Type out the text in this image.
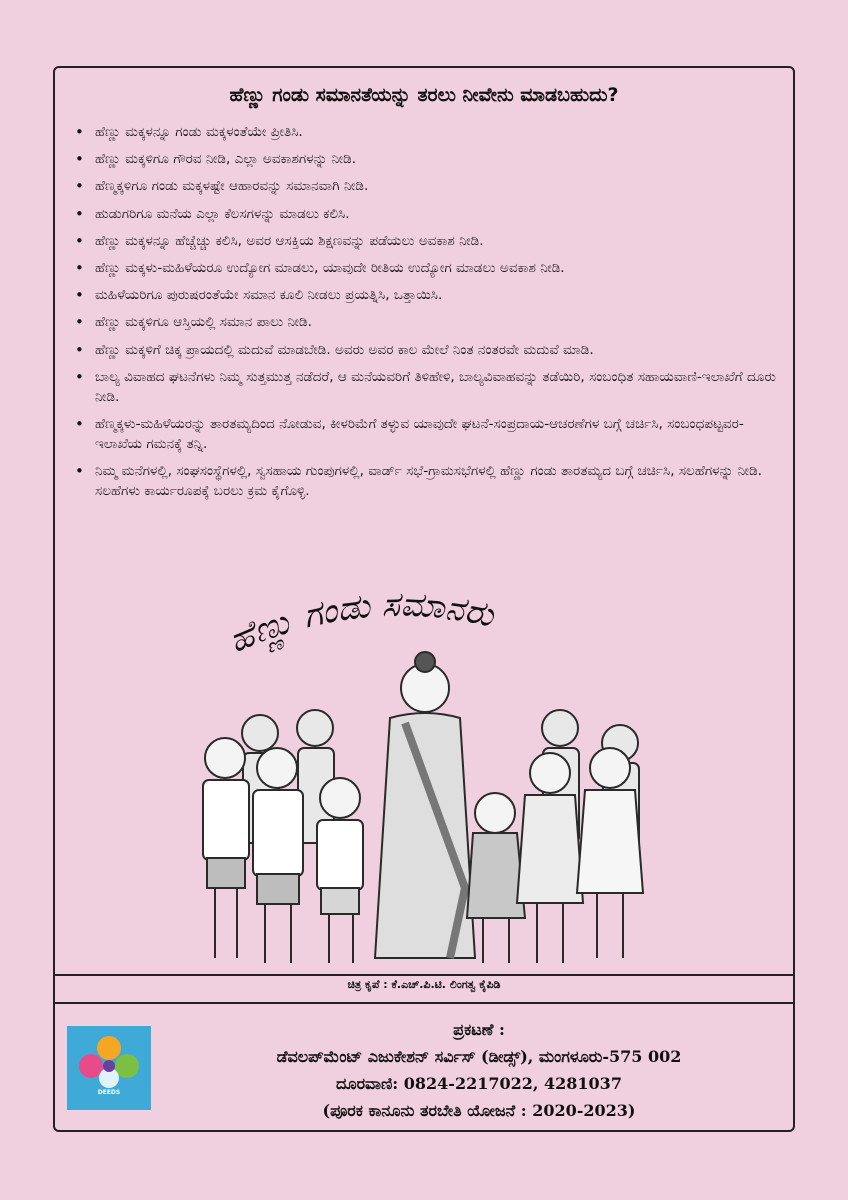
ಹೆಣ್ಣು ಗಂಡು ಸಮಾನತೆಯನ್ನು ತರಲು ನೀವೇನು ಮಾಡಬಹುದು?
• ಹೆಣ್ಣು ಮಕ್ಕಳನ್ನೂ ಗಂಡು ಮಕ್ಕಳಂತೆಯೇ ಪ್ರೀತಿಸಿ.
• ಹೆಣ್ಣು ಮಕ್ಕಳಿಗೂ ಗೌರವ ನೀಡಿ, ಎಲ್ಲಾ ಅವಕಾಶಗಳನ್ನು ನೀಡಿ.
• ಹೆಣ್ಮಕ್ಕಳಿಗೂ ಗಂಡು ಮಕ್ಕಳಷ್ಟೇ ಆಹಾರವನ್ನು ಸಮಾನವಾಗಿ ನೀಡಿ.
• ಹುಡುಗರಿಗೂ ಮನೆಯ ಎಲ್ಲಾ ಕೆಲಸಗಳನ್ನು ಮಾಡಲು ಕಲಿಸಿ.
• ಹೆಣ್ಣು ಮಕ್ಕಳನ್ನೂ ಹೆಚ್ಚೆಚ್ಚು ಕಲಿಸಿ, ಅವರ ಆಸಕ್ತಿಯ ಶಿಕ್ಷಣವನ್ನು ಪಡೆಯಲು ಅವಕಾಶ ನೀಡಿ.
• ಹೆಣ್ಣು ಮಕ್ಕಳು-ಮಹಿಳೆಯರೂ ಉದ್ಯೋಗ ಮಾಡಲು, ಯಾವುದೇ ರೀತಿಯ ಉದ್ಯೋಗ ಮಾಡಲು ಅವಕಾಶ ನೀಡಿ.
• ಮಹಿಳೆಯರಿಗೂ ಪುರುಷರಂತೆಯೇ ಸಮಾನ ಕೂಲಿ ನೀಡಲು ಪ್ರಯತ್ನಿಸಿ, ಒತ್ತಾಯಿಸಿ.
• ಹೆಣ್ಣು ಮಕ್ಕಳಿಗೂ ಆಸ್ತಿಯಲ್ಲಿ ಸಮಾನ ಪಾಲು ನೀಡಿ.
• ಹೆಣ್ಣು ಮಕ್ಕಳಿಗೆ ಚಿಕ್ಕ ಪ್ರಾಯದಲ್ಲಿ ಮದುವೆ ಮಾಡಬೇಡಿ. ಅವರು ಅವರ ಕಾಲ ಮೇಲೆ ನಿಂತ ನಂತರವೇ ಮದುವೆ ಮಾಡಿ.
• ಬಾಲ್ಯ ವಿವಾಹದ ಘಟನೆಗಳು ನಿಮ್ಮ ಸುತ್ತಮುತ್ತ ನಡೆದರೆ, ಆ ಮನೆಯವರಿಗೆ ತಿಳಿಹೇಳಿ, ಬಾಲ್ಯವಿವಾಹವನ್ನು ತಡೆಯಿರಿ, ಸಂಬಂಧಿತ ಸಹಾಯವಾಣಿ-ಇಲಾಖೆಗೆ ದೂರು ನೀಡಿ.
• ಹೆಣ್ಮಕ್ಕಳು-ಮಹಿಳೆಯರನ್ನು ತಾರತಮ್ಯದಿಂದ ನೋಡುವ, ಕೀಳರಿಮೆಗೆ ತಳ್ಳುವ ಯಾವುದೇ ಘಟನೆ-ಸಂಪ್ರದಾಯ-ಆಚರಣೆಗಳ ಬಗ್ಗೆ ಚರ್ಚಿಸಿ, ಸಂಬಂಧಪಟ್ಟವರ-ಇಲಾಖೆಯ ಗಮನಕ್ಕೆ ತನ್ನಿ.
• ನಿಮ್ಮ ಮನೆಗಳಲ್ಲಿ, ಸಂಘಸಂಸ್ಥೆಗಳಲ್ಲಿ, ಸ್ವಸಹಾಯ ಗುಂಪುಗಳಲ್ಲಿ, ವಾರ್ಡ್ ಸಭೆ-ಗ್ರಾಮಸಭೆಗಳಲ್ಲಿ ಹೆಣ್ಣು ಗಂಡು ತಾರತಮ್ಯದ ಬಗ್ಗೆ ಚರ್ಚಿಸಿ, ಸಲಹೆಗಳನ್ನು ನೀಡಿ. ಸಲಹೆಗಳು ಕಾರ್ಯರೂಪಕ್ಕೆ ಬರಲು ಕ್ರಮ ಕೈಗೊಳ್ಳಿ.
ಹೆಣ್ಣು ಗಂಡು ಸಮಾನರು
ಚಿತ್ರ ಕೃಪೆ : ಕೆ.ಎಚ್.ಪಿ.ಟಿ. ಲಿಂಗತ್ವ ಕೈಪಿಡಿ
DEEDS
ಪ್ರಕಟಣೆ :
ಡೆವಲಪ್‌ಮೆಂಟ್ ಎಜುಕೇಶನ್ ಸರ್ವಿಸ್ (ಡೀಡ್ಸ್), ಮಂಗಳೂರು-575 002
ದೂರವಾಣಿ: 0824-2217022, 4281037
(ಪೂರಕ ಕಾನೂನು ತರಬೇತಿ ಯೋಜನೆ : 2020-2023)
